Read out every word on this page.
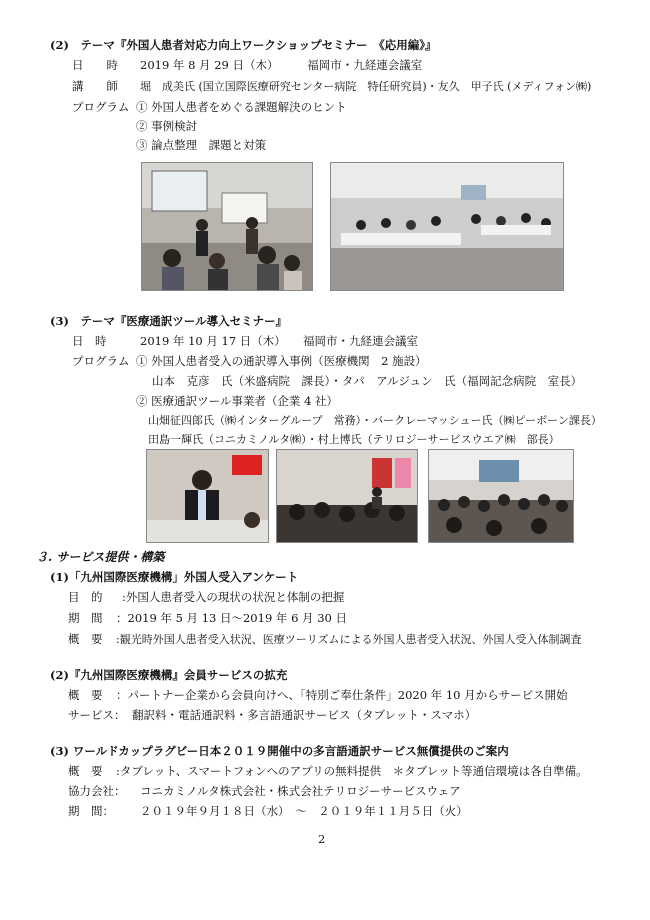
(2)　テーマ『外国人患者対応力向上ワークショップセミナー　《応用編》』
日　　時 2019 年 8 月 29 日（木）　　　福岡市・九経連会議室
講　　師 堀　成美氏 (国立国際医療研究センター病院　特任研究員)・友久　甲子氏 (メディフォン㈱)
プログラム ① 外国人患者をめぐる課題解決のヒント
② 事例検討
③ 論点整理　課題と対策
(3)　テーマ『医療通訳ツール導入セミナー』
日　時	2019 年 10 月 17 日（木）　　福岡市・九経連会議室
プログラム ① 外国人患者受入の通訳導入事例（医療機関　2 施設）
山本　克彦　氏（米盛病院　課長）・タパ　アルジュン　氏（福岡記念病院　室長）
② 医療通訳ツール事業者（企業 4 社）
山畑征四郎氏（㈱インターグループ　常務）・バークレーマッシュー氏（㈱ピーボーン課長）
田島一輝氏（コニカミノルタ㈱）・村上博氏（テリロジーサービスウエア㈱　部長）
３. サービス提供・構築
(1)「九州国際医療機構」外国人受入アンケート
目　的 :外国人患者受入の現状の状況と体制の把握
期　間 ：2019 年 5 月 13 日～2019 年 6 月 30 日
概　要 :観光時外国人患者受入状況、医療ツーリズムによる外国人患者受入状況、外国人受入体制調査
(2)『九州国際医療機構』会員サービスの拡充
概　要 ：パートナー企業から会員向けへ、「特別ご奉仕条件」2020 年 10 月からサービス開始
サービス： 翻訳料・電話通訳料・多言語通訳サービス（タブレット・スマホ）
(3) ワールドカップラグビー日本２０１９開催中の多言語通訳サービス無償提供のご案内
概　要 :タブレット、スマートフォンへのアプリの無料提供　＊タブレット等通信環境は各自準備。
協力会社： コニカミノルタ株式会社・株式会社テリロジーサービスウェア
期　間： ２０１９年９月１８日（水）　～　２０１９年１１月５日（火）
2
